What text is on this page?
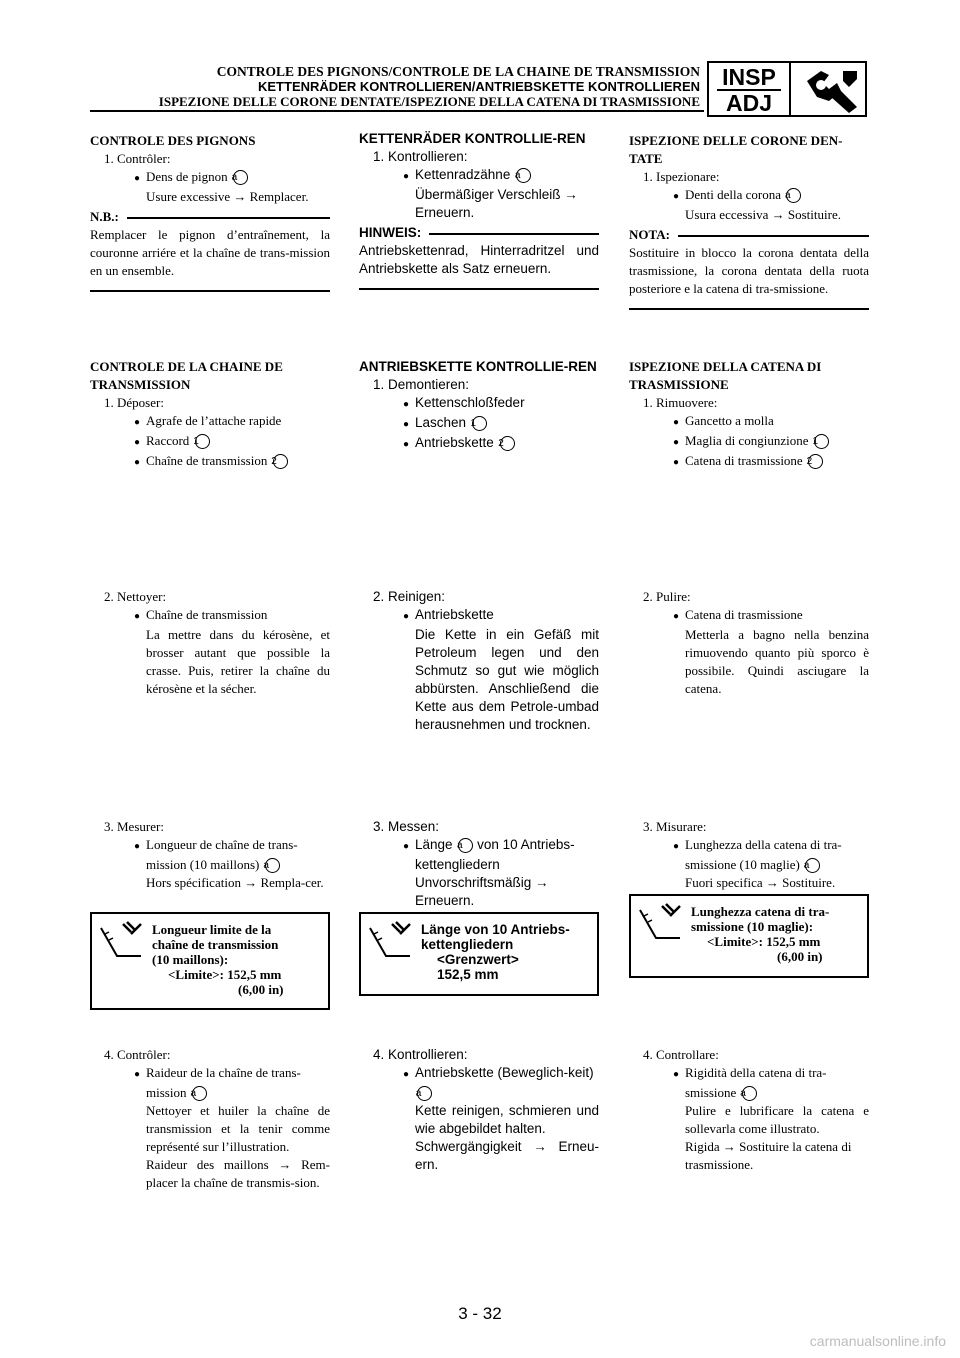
CONTROLE DES PIGNONS/CONTROLE DE LA CHAINE DE TRANSMISSION
KETTENRÄDER KONTROLLIEREN/ANTRIEBSKETTE KONTROLLIEREN
ISPEZIONE DELLE CORONE DENTATE/ISPEZIONE DELLA CATENA DI TRASMISSIONE
INSP
ADJ
CONTROLE DES PIGNONS
1. Contrôler:
● Dens de pignon a
Usure excessive → Remplacer.
N.B.:
Remplacer le pignon d’entraînement, la couronne arriére et la chaîne de trans-mission en un ensemble.
CONTROLE DE LA CHAINE DE TRANSMISSION
1. Déposer:
● Agrafe de l’attache rapide
● Raccord 1
● Chaîne de transmission 2
2. Nettoyer:
● Chaîne de transmission
La mettre dans du kérosène, et brosser autant que possible la crasse. Puis, retirer la chaîne du kérosène et la sécher.
3. Mesurer:
● Longueur de chaîne de trans-mission (10 maillons) a
Hors spécification → Rempla-cer.
Longueur limite de la
chaîne de transmission
(10 maillons):
<Limite>: 152,5 mm
(6,00 in)
4. Contrôler:
● Raideur de la chaîne de trans-mission a
Nettoyer et huiler la chaîne de transmission et la tenir comme représenté sur l’illustration.
Raideur des maillons → Rem-placer la chaîne de transmis-sion.
KETTENRÄDER KONTROLLIE-REN
1. Kontrollieren:
● Kettenradzähne a
Übermäßiger Verschleiß → Erneuern.
HINWEIS:
Antriebskettenrad, Hinterradritzel und Antriebskette als Satz erneuern.
ANTRIEBSKETTE KONTROLLIE-REN
1. Demontieren:
● Kettenschloßfeder
● Laschen 1
● Antriebskette 2
2. Reinigen:
● Antriebskette
Die Kette in ein Gefäß mit Petroleum legen und den Schmutz so gut wie möglich abbürsten. Anschließend die Kette aus dem Petrole-umbad herausnehmen und trocknen.
3. Messen:
● Länge a von 10 Antriebs-kettengliedern
Unvorschriftsmäßig → Erneuern.
Länge von 10 Antriebs-
kettengliedern
<Grenzwert>
152,5 mm
4. Kontrollieren:
● Antriebskette (Beweglich-keit) a
Kette reinigen, schmieren und wie abgebildet halten.
Schwergängigkeit → Erneu-ern.
ISPEZIONE DELLE CORONE DEN-TATE
1. Ispezionare:
● Denti della corona a
Usura eccessiva → Sostituire.
NOTA:
Sostituire in blocco la corona dentata della trasmissione, la corona dentata della ruota posteriore e la catena di tra-smissione.
ISPEZIONE DELLA CATENA DI TRASMISSIONE
1. Rimuovere:
● Gancetto a molla
● Maglia di congiunzione 1
● Catena di trasmissione 2
2. Pulire:
● Catena di trasmissione
Metterla a bagno nella benzina rimuovendo quanto più sporco è possibile. Quindi asciugare la catena.
3. Misurare:
● Lunghezza della catena di tra-smissione (10 maglie) a
Fuori specifica → Sostituire.
Lunghezza catena di tra-
smissione (10 maglie):
<Limite>: 152,5 mm
(6,00 in)
4. Controllare:
● Rigidità della catena di tra-smissione a
Pulire e lubrificare la catena e sollevarla come illustrato.
Rigida → Sostituire la catena di trasmissione.
3 - 32
carmanualsonline.info
